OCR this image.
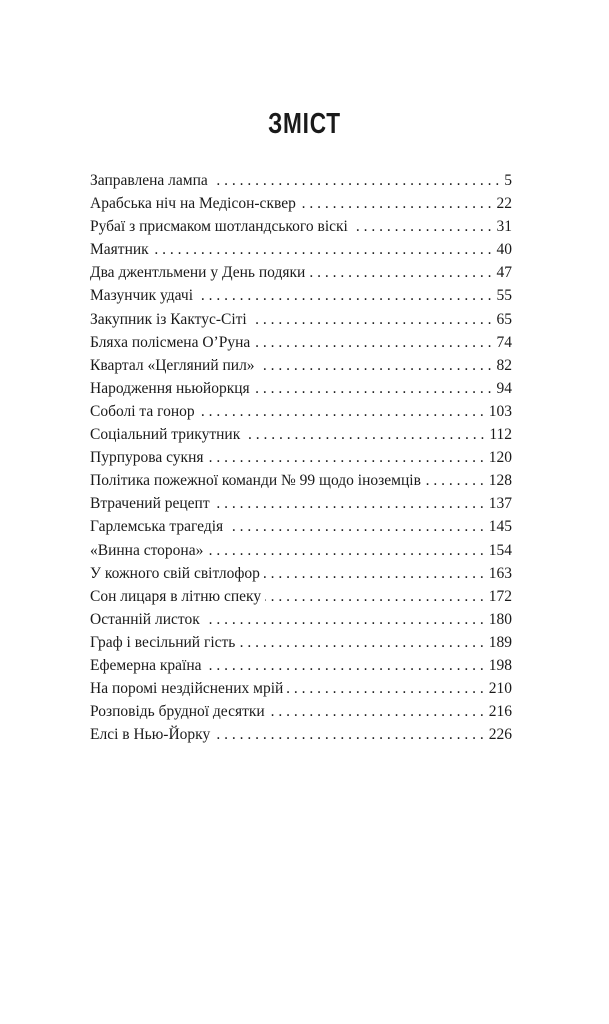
ЗМІСТ
Заправлена лампа . . .	5
Арабська ніч на Медісон-сквер . . .	22
Рубаї з присмаком шотландського віскі . . .	31
Маятник . . .	40
Два джентльмени у День подяки . . .	47
Мазунчик удачі . . .	55
Закупник із Кактус-Сіті . . .	65
Бляха полісмена О’Руна . . .	74
Квартал «Цегляний пил» . . .	82
Народження ньюйоркця . . .	94
Соболі та гонор . . .	103
Соціальний трикутник . . .	112
Пурпурова сукня . . .	120
Політика пожежної команди № 99 щодо іноземців . . .	128
Втрачений рецепт . . .	137
Гарлемська трагедія . . .	145
«Винна сторона» . . .	154
У кожного свій світлофор . . .	163
Сон лицаря в літню спеку . . .	172
Останній листок . . .	180
Граф і весільний гість . . .	189
Ефемерна країна . . .	198
На поромі нездійснених мрій . . .	210
Розповідь брудної десятки . . .	216
Елсі в Нью-Йорку . . .	226
